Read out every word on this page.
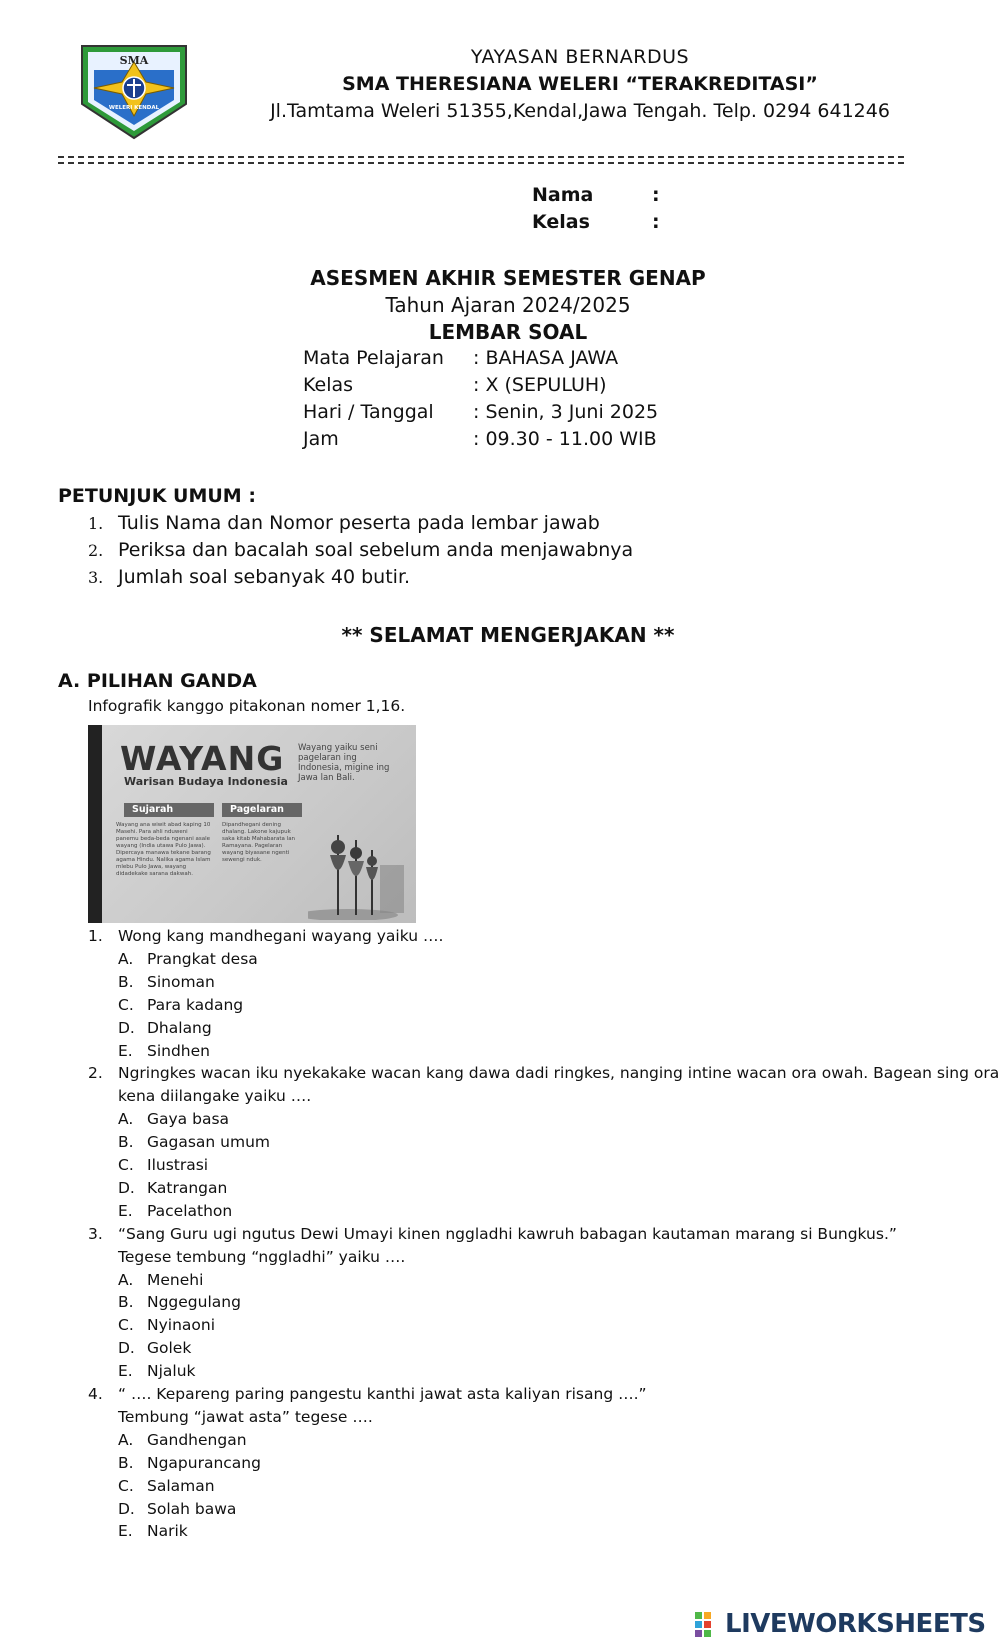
SMA
WELERI KENDAL
YAYASAN BERNARDUS
SMA THERESIANA WELERI “TERAKREDITASI”
Jl.Tamtama Weleri 51355,Kendal,Jawa Tengah. Telp. 0294 641246
Nama	:
Kelas	:
ASESMEN AKHIR SEMESTER GENAP
Tahun Ajaran 2024/2025
LEMBAR SOAL
Mata Pelajaran : BAHASA JAWA
Kelas	: X (SEPULUH)
Hari / Tanggal : Senin, 3 Juni 2025
Jam	: 09.30 - 11.00 WIB
PETUNJUK UMUM :
1. Tulis Nama dan Nomor peserta pada lembar jawab
2. Periksa dan bacalah soal sebelum anda menjawabnya
3. Jumlah soal sebanyak 40 butir.
** SELAMAT MENGERJAKAN **
A. PILIHAN GANDA
Infografik kanggo pitakonan nomer 1,16.
WAYANG
Warisan Budaya Indonesia
Wayang yaiku seni pagelaran ing Indonesia, migine ing Jawa lan Bali.
Sujarah	Pagelaran
Wayang ana wiwit abad kaping 10 Masehi. Para ahli nduweni panemu beda-beda ngenani asale wayang (India utawa Pulo Jawa). Dipercaya manawa tekane barang agama Hindu. Nalika agama Islam mlebu Pulo Jawa, wayang didadekake sarana dakwah.
Dipandhegani dening dhalang. Lakone kajupuk saka kitab Mahabarata lan Ramayana. Pagelaran wayang biyasane ngenti sewengi nduk.
1. Wong kang mandhegani wayang yaiku ….
A. Prangkat desa
B. Sinoman
C. Para kadang
D. Dhalang
E. Sindhen
2. Ngringkes wacan iku nyekakake wacan kang dawa dadi ringkes, nanging intine wacan ora owah. Bagean sing ora
kena diilangake yaiku ….
A. Gaya basa
B. Gagasan umum
C. Ilustrasi
D. Katrangan
E. Pacelathon
3. “Sang Guru ugi ngutus Dewi Umayi kinen nggladhi kawruh babagan kautaman marang si Bungkus.”
Tegese tembung “nggladhi” yaiku ….
A. Menehi
B. Nggegulang
C. Nyinaoni
D. Golek
E. Njaluk
4. “ …. Kepareng paring pangestu kanthi jawat asta kaliyan risang ….”
Tembung “jawat asta” tegese ….
A. Gandhengan
B. Ngapurancang
C. Salaman
D. Solah bawa
E. Narik
LIVEWORKSHEETS
